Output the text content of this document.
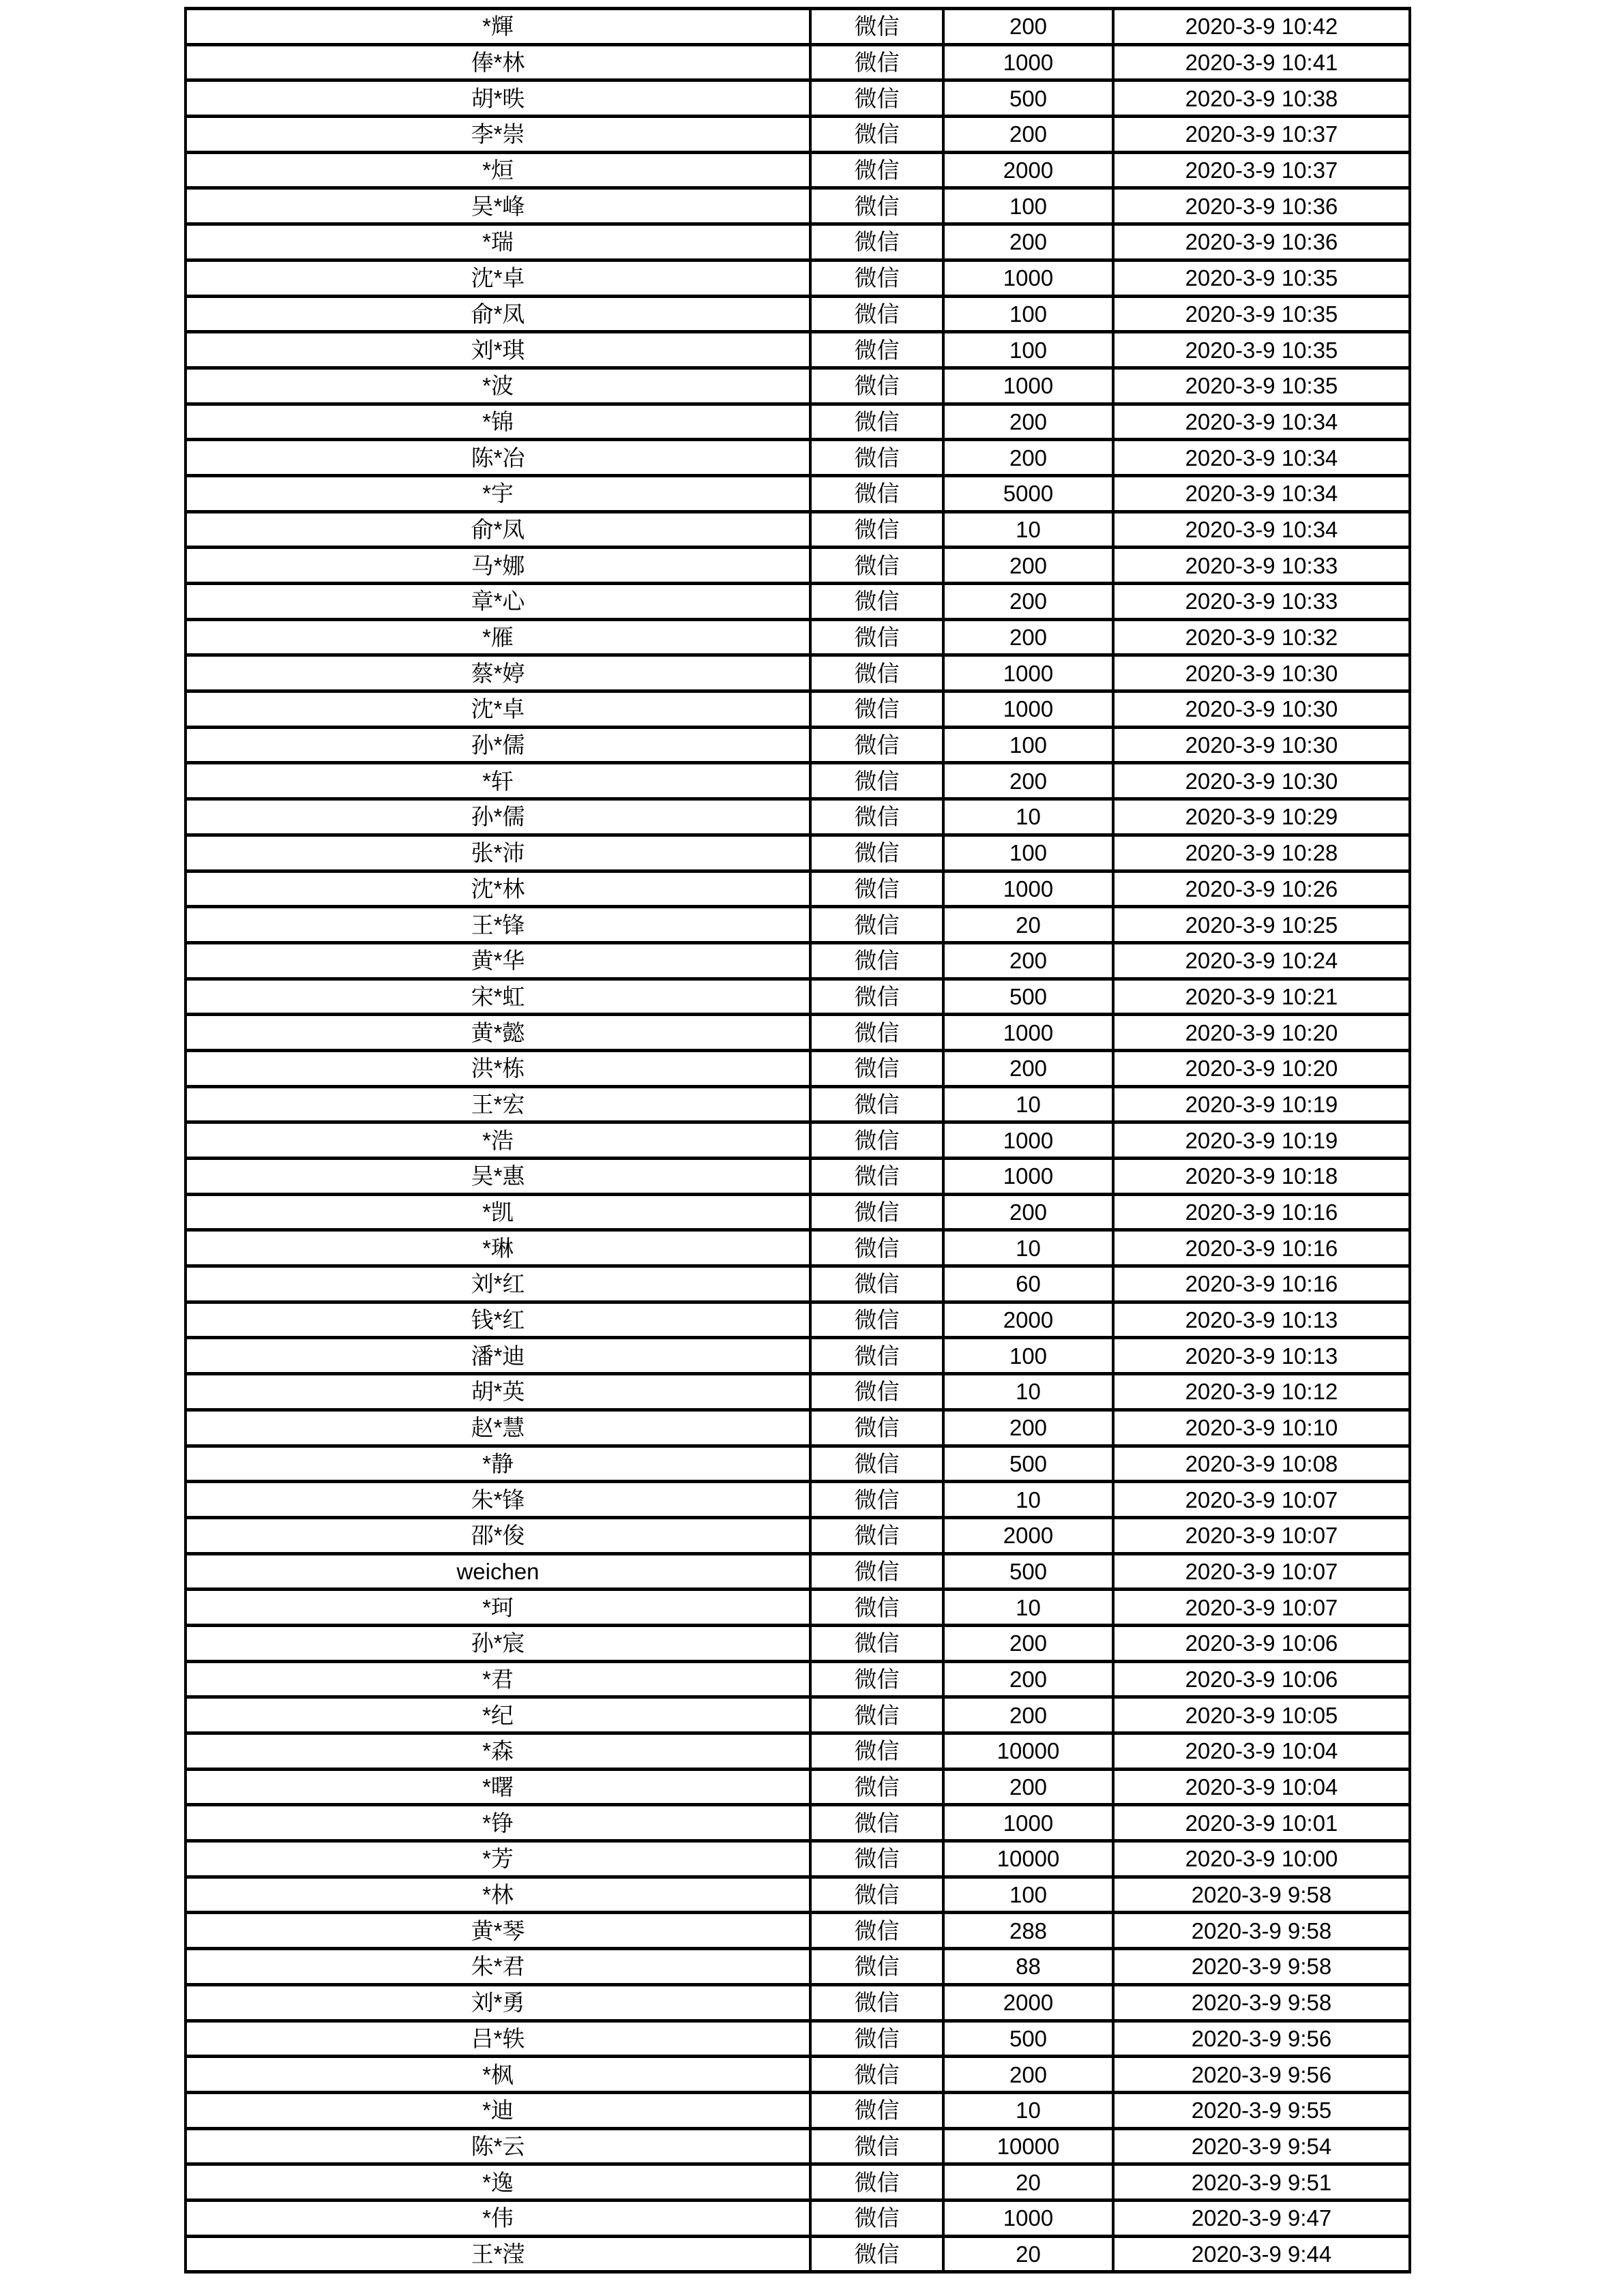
*輝	微信	200	2020-3-9 10:42
俸*林	微信	1000	2020-3-9 10:41
胡*昳	微信	500	2020-3-9 10:38
李*崇	微信	200	2020-3-9 10:37
*烜	微信	2000	2020-3-9 10:37
吴*峰	微信	100	2020-3-9 10:36
*瑞	微信	200	2020-3-9 10:36
沈*卓	微信	1000	2020-3-9 10:35
俞*凤	微信	100	2020-3-9 10:35
刘*琪	微信	100	2020-3-9 10:35
*波	微信	1000	2020-3-9 10:35
*锦	微信	200	2020-3-9 10:34
陈*冶	微信	200	2020-3-9 10:34
*宇	微信	5000	2020-3-9 10:34
俞*凤	微信	10	2020-3-9 10:34
马*娜	微信	200	2020-3-9 10:33
章*心	微信	200	2020-3-9 10:33
*雁	微信	200	2020-3-9 10:32
蔡*婷	微信	1000	2020-3-9 10:30
沈*卓	微信	1000	2020-3-9 10:30
孙*儒	微信	100	2020-3-9 10:30
*轩	微信	200	2020-3-9 10:30
孙*儒	微信	10	2020-3-9 10:29
张*沛	微信	100	2020-3-9 10:28
沈*林	微信	1000	2020-3-9 10:26
王*锋	微信	20	2020-3-9 10:25
黄*华	微信	200	2020-3-9 10:24
宋*虹	微信	500	2020-3-9 10:21
黄*懿	微信	1000	2020-3-9 10:20
洪*栋	微信	200	2020-3-9 10:20
王*宏	微信	10	2020-3-9 10:19
*浩	微信	1000	2020-3-9 10:19
吴*惠	微信	1000	2020-3-9 10:18
*凯	微信	200	2020-3-9 10:16
*琳	微信	10	2020-3-9 10:16
刘*红	微信	60	2020-3-9 10:16
钱*红	微信	2000	2020-3-9 10:13
潘*迪	微信	100	2020-3-9 10:13
胡*英	微信	10	2020-3-9 10:12
赵*慧	微信	200	2020-3-9 10:10
*静	微信	500	2020-3-9 10:08
朱*锋	微信	10	2020-3-9 10:07
邵*俊	微信	2000	2020-3-9 10:07
weichen	微信	500	2020-3-9 10:07
*珂	微信	10	2020-3-9 10:07
孙*宸	微信	200	2020-3-9 10:06
*君	微信	200	2020-3-9 10:06
*纪	微信	200	2020-3-9 10:05
*森	微信	10000	2020-3-9 10:04
*曙	微信	200	2020-3-9 10:04
*铮	微信	1000	2020-3-9 10:01
*芳	微信	10000	2020-3-9 10:00
*林	微信	100	2020-3-9 9:58
黄*琴	微信	288	2020-3-9 9:58
朱*君	微信	88	2020-3-9 9:58
刘*勇	微信	2000	2020-3-9 9:58
吕*轶	微信	500	2020-3-9 9:56
*枫	微信	200	2020-3-9 9:56
*迪	微信	10	2020-3-9 9:55
陈*云	微信	10000	2020-3-9 9:54
*逸	微信	20	2020-3-9 9:51
*伟	微信	1000	2020-3-9 9:47
王*滢	微信	20	2020-3-9 9:44
